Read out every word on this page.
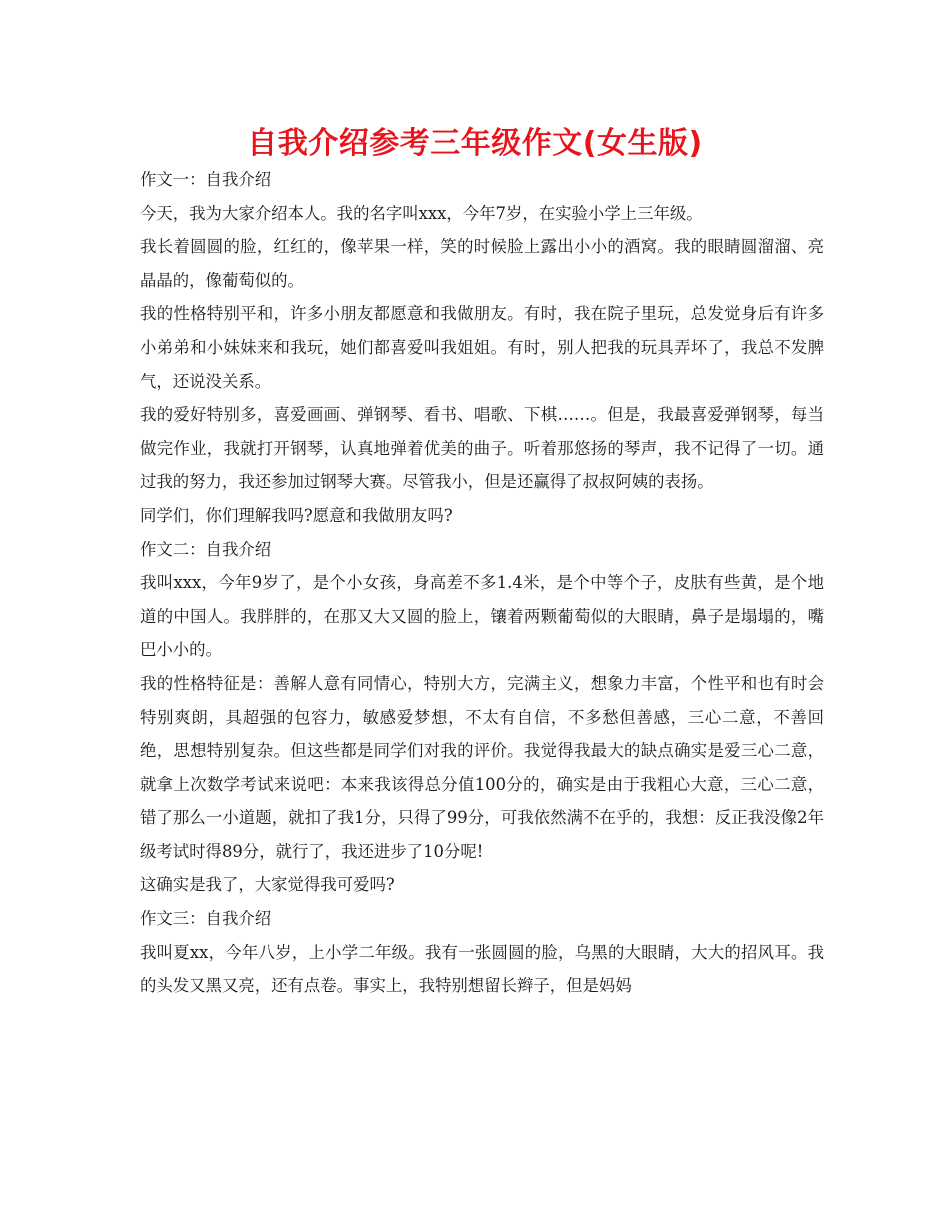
自我介绍参考三年级作文(女生版)

作文一：自我介绍

今天，我为大家介绍本人。我的名字叫xxx，今年7岁，在实验小学上三年级。

我长着圆圆的脸，红红的，像苹果一样，笑的时候脸上露出小小的酒窝。我的眼睛圆溜溜、亮晶晶的，像葡萄似的。

我的性格特别平和，许多小朋友都愿意和我做朋友。有时，我在院子里玩，总发觉身后有许多小弟弟和小妹妹来和我玩，她们都喜爱叫我姐姐。有时，别人把我的玩具弄坏了，我总不发脾气，还说没关系。

我的爱好特别多，喜爱画画、弹钢琴、看书、唱歌、下棋……。但是，我最喜爱弹钢琴，每当做完作业，我就打开钢琴，认真地弹着优美的曲子。听着那悠扬的琴声，我不记得了一切。通过我的努力，我还参加过钢琴大赛。尽管我小，但是还赢得了叔叔阿姨的表扬。

同学们，你们理解我吗?愿意和我做朋友吗?

作文二：自我介绍

我叫xxx，今年9岁了，是个小女孩，身高差不多1.4米，是个中等个子，皮肤有些黄，是个地道的中国人。我胖胖的，在那又大又圆的脸上，镶着两颗葡萄似的大眼睛，鼻子是塌塌的，嘴巴小小的。

我的性格特征是：善解人意有同情心，特别大方，完满主义，想象力丰富，个性平和也有时会特别爽朗，具超强的包容力，敏感爱梦想，不太有自信，不多愁但善感，三心二意，不善回绝，思想特别复杂。但这些都是同学们对我的评价。我觉得我最大的缺点确实是爱三心二意，就拿上次数学考试来说吧：本来我该得总分值100分的，确实是由于我粗心大意，三心二意，错了那么一小道题，就扣了我1分，只得了99分，可我依然满不在乎的，我想：反正我没像2年级考试时得89分，就行了，我还进步了10分呢!

这确实是我了，大家觉得我可爱吗?

作文三：自我介绍

我叫夏xx，今年八岁，上小学二年级。我有一张圆圆的脸，乌黑的大眼睛，大大的招风耳。我的头发又黑又亮，还有点卷。事实上，我特别想留长辫子，但是妈妈
